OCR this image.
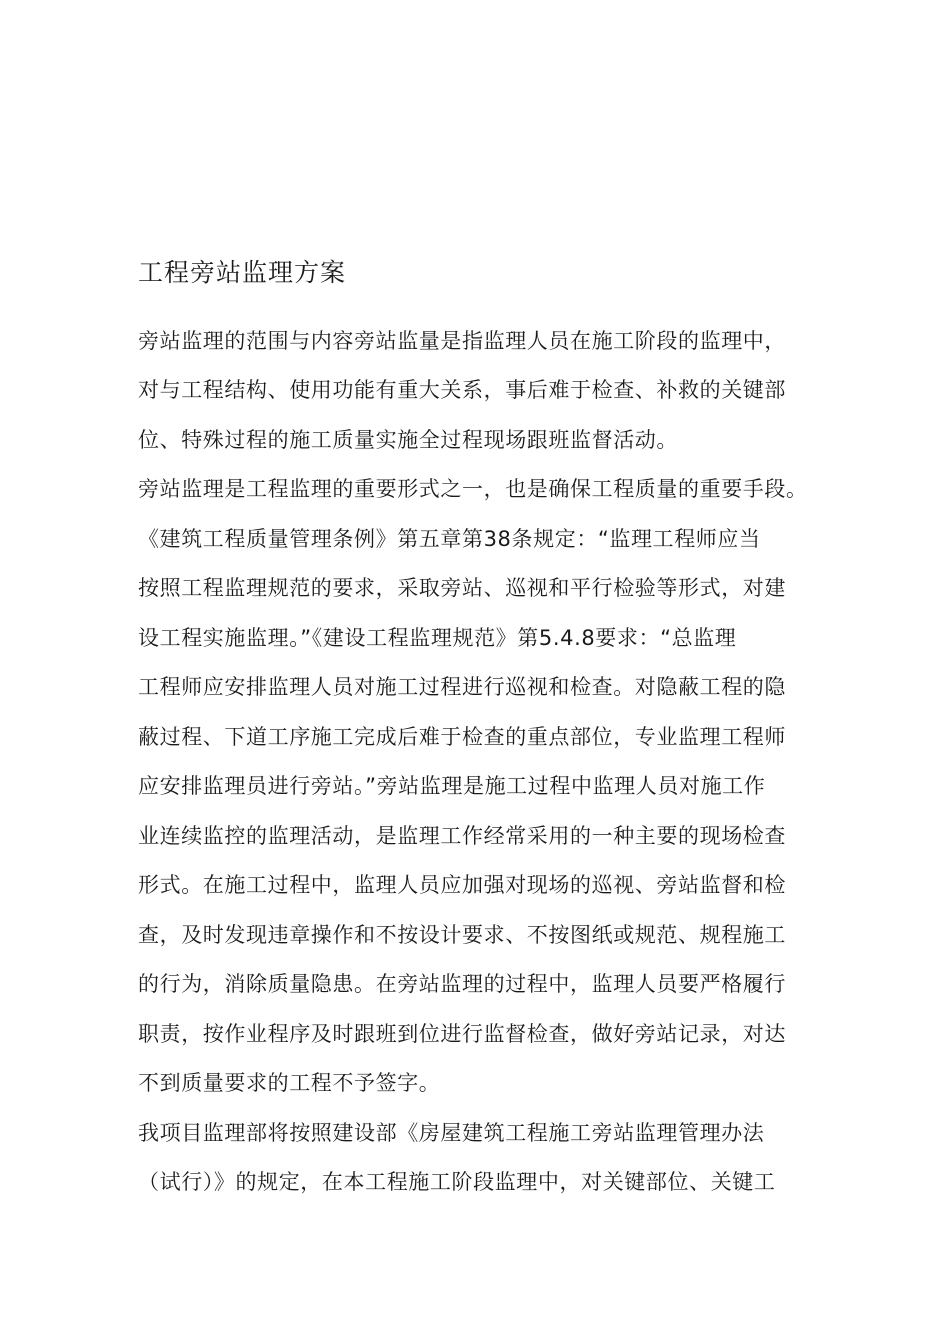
工程旁站监理方案
旁站监理的范围与内容旁站监量是指监理人员在施工阶段的监理中，
对与工程结构、使用功能有重大关系，事后难于检查、补救的关键部
位、特殊过程的施工质量实施全过程现场跟班监督活动。
旁站监理是工程监理的重要形式之一，也是确保工程质量的重要手段。
《建筑工程质量管理条例》第五章第38条规定：“监理工程师应当
按照工程监理规范的要求，采取旁站、巡视和平行检验等形式，对建
设工程实施监理。”《建设工程监理规范》第5.4.8要求：“总监理
工程师应安排监理人员对施工过程进行巡视和检查。对隐蔽工程的隐
蔽过程、下道工序施工完成后难于检查的重点部位，专业监理工程师
应安排监理员进行旁站。”旁站监理是施工过程中监理人员对施工作
业连续监控的监理活动，是监理工作经常采用的一种主要的现场检查
形式。在施工过程中，监理人员应加强对现场的巡视、旁站监督和检
查，及时发现违章操作和不按设计要求、不按图纸或规范、规程施工
的行为，消除质量隐患。在旁站监理的过程中，监理人员要严格履行
职责，按作业程序及时跟班到位进行监督检查，做好旁站记录，对达
不到质量要求的工程不予签字。
我项目监理部将按照建设部《房屋建筑工程施工旁站监理管理办法
（试行）》的规定，在本工程施工阶段监理中，对关键部位、关键工
